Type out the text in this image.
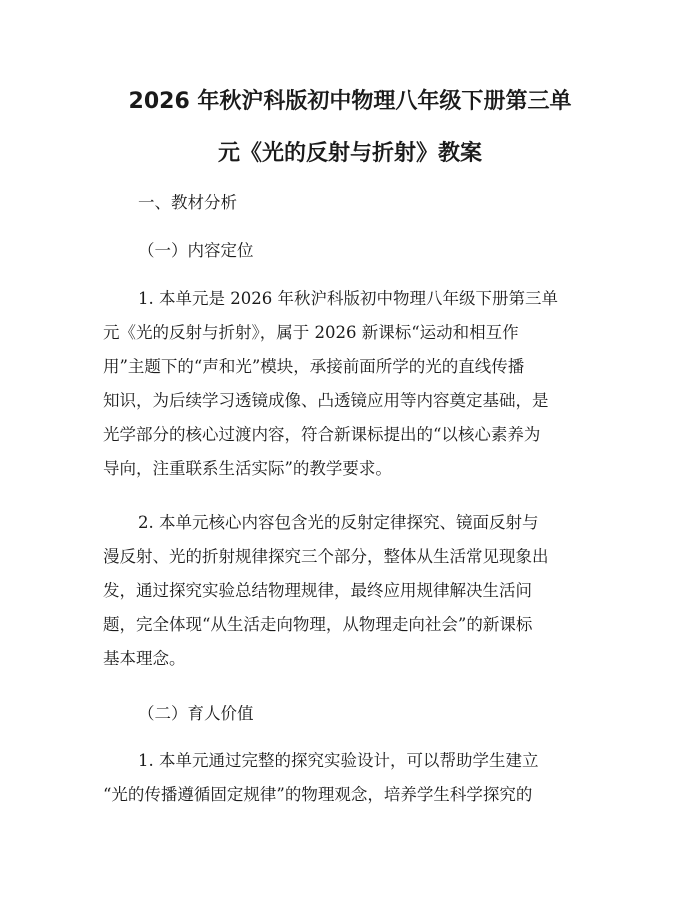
2026 年秋沪科版初中物理八年级下册第三单
元《光的反射与折射》教案
一、教材分析
（一）内容定位
1. 本单元是 2026 年秋沪科版初中物理八年级下册第三单
元《光的反射与折射》，属于 2026 新课标“运动和相互作
用”主题下的“声和光”模块，承接前面所学的光的直线传播
知识，为后续学习透镜成像、凸透镜应用等内容奠定基础，是
光学部分的核心过渡内容，符合新课标提出的“以核心素养为
导向，注重联系生活实际”的教学要求。
2. 本单元核心内容包含光的反射定律探究、镜面反射与
漫反射、光的折射规律探究三个部分，整体从生活常见现象出
发，通过探究实验总结物理规律，最终应用规律解决生活问
题，完全体现“从生活走向物理，从物理走向社会”的新课标
基本理念。
（二）育人价值
1. 本单元通过完整的探究实验设计，可以帮助学生建立
“光的传播遵循固定规律”的物理观念，培养学生科学探究的
